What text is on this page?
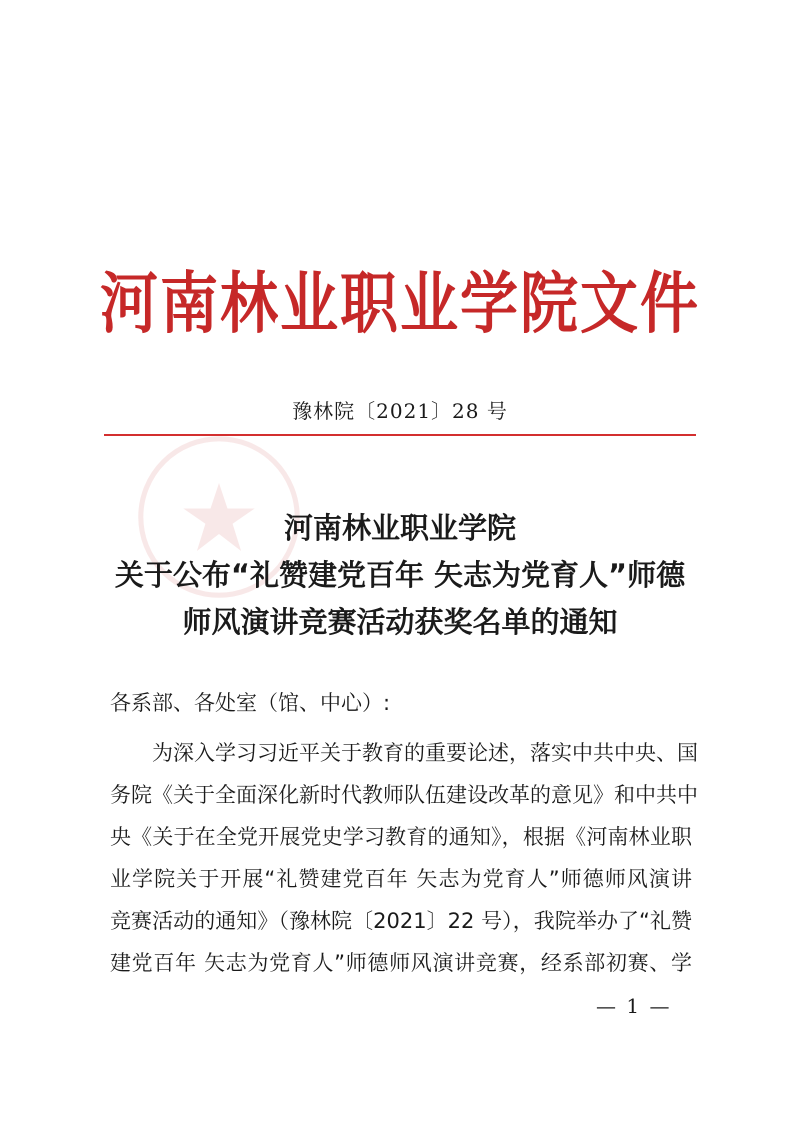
河南林业职业学院文件
豫林院〔2021〕28 号
河南林业职业学院
关于公布“礼赞建党百年 矢志为党育人”师德
师风演讲竞赛活动获奖名单的通知
各系部、各处室（馆、中心）:
为深入学习习近平关于教育的重要论述，落实中共中央、国
务院《关于全面深化新时代教师队伍建设改革的意见》和中共中
央《关于在全党开展党史学习教育的通知》，根据《河南林业职
业学院关于开展“礼赞建党百年 矢志为党育人”师德师风演讲
竞赛活动的通知》（豫林院〔2021〕22 号），我院举办了“礼赞
建党百年 矢志为党育人”师德师风演讲竞赛，经系部初赛、学
— 1 —
